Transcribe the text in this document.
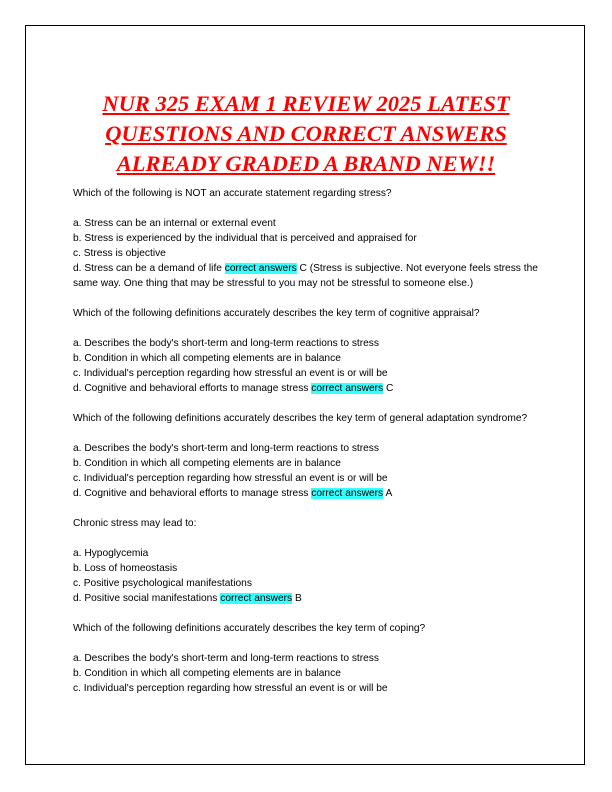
NUR 325 EXAM 1 REVIEW 2025 LATEST QUESTIONS AND CORRECT ANSWERS ALREADY GRADED A BRAND NEW!!

Which of the following is NOT an accurate statement regarding stress?

a. Stress can be an internal or external event

b. Stress is experienced by the individual that is perceived and appraised for

c. Stress is objective

d. Stress can be a demand of life correct answers C (Stress is subjective. Not everyone feels stress the same way. One thing that may be stressful to you may not be stressful to someone else.)

Which of the following definitions accurately describes the key term of cognitive appraisal?

a. Describes the body's short-term and long-term reactions to stress

b. Condition in which all competing elements are in balance

c. Individual's perception regarding how stressful an event is or will be

d. Cognitive and behavioral efforts to manage stress correct answers C

Which of the following definitions accurately describes the key term of general adaptation syndrome?

a. Describes the body's short-term and long-term reactions to stress

b. Condition in which all competing elements are in balance

c. Individual's perception regarding how stressful an event is or will be

d. Cognitive and behavioral efforts to manage stress correct answers A

Chronic stress may lead to:

a. Hypoglycemia

b. Loss of homeostasis

c. Positive psychological manifestations

d. Positive social manifestations correct answers B

Which of the following definitions accurately describes the key term of coping?

a. Describes the body's short-term and long-term reactions to stress

b. Condition in which all competing elements are in balance

c. Individual's perception regarding how stressful an event is or will be
